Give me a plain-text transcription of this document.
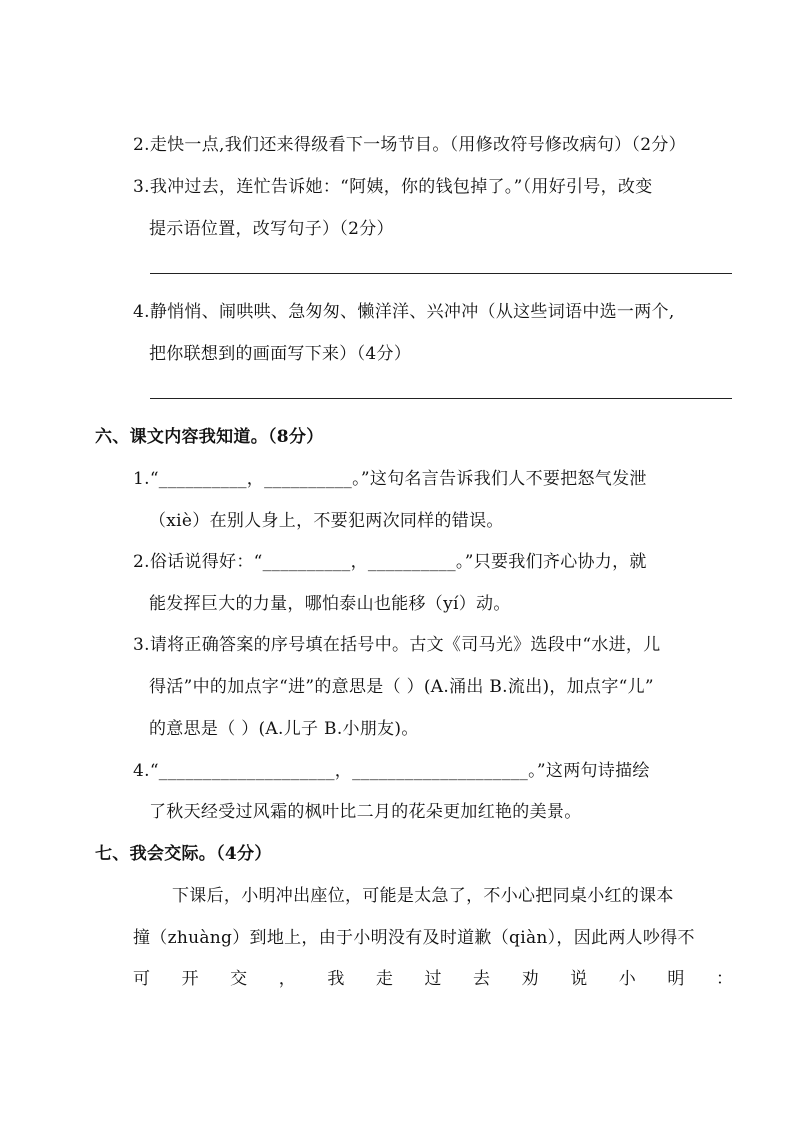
2.走快一点,我们还来得级看下一场节目。（用修改符号修改病句）（2分）
3.我冲过去，连忙告诉她：“阿姨，你的钱包掉了。”（用好引号，改变
提示语位置，改写句子）（2分）
4.静悄悄、闹哄哄、急匆匆、懒洋洋、兴冲冲（从这些词语中选一两个,
把你联想到的画面写下来）（4分）
六、课文内容我知道。（8分）
1.“__________，__________。”这句名言告诉我们人不要把怒气发泄
（xiè）在别人身上，不要犯两次同样的错误。
2.俗话说得好：“__________，__________。”只要我们齐心协力，就
能发挥巨大的力量，哪怕泰山也能移（yí）动。
3.请将正确答案的序号填在括号中。古文《司马光》选段中“水进，儿
得活”中的加点字“进”的意思是（ ）(A.涌出 B.流出)，加点字“儿”
的意思是（ ）(A.儿子 B.小朋友)。
4.“____________________，____________________。”这两句诗描绘
了秋天经受过风霜的枫叶比二月的花朵更加红艳的美景。
七、我会交际。（4分）
下课后，小明冲出座位，可能是太急了，不小心把同桌小红的课本
撞（zhuàng）到地上，由于小明没有及时道歉（qiàn），因此两人吵得不
可 开 交 ， 我 走 过 去 劝 说 小 明 ：
